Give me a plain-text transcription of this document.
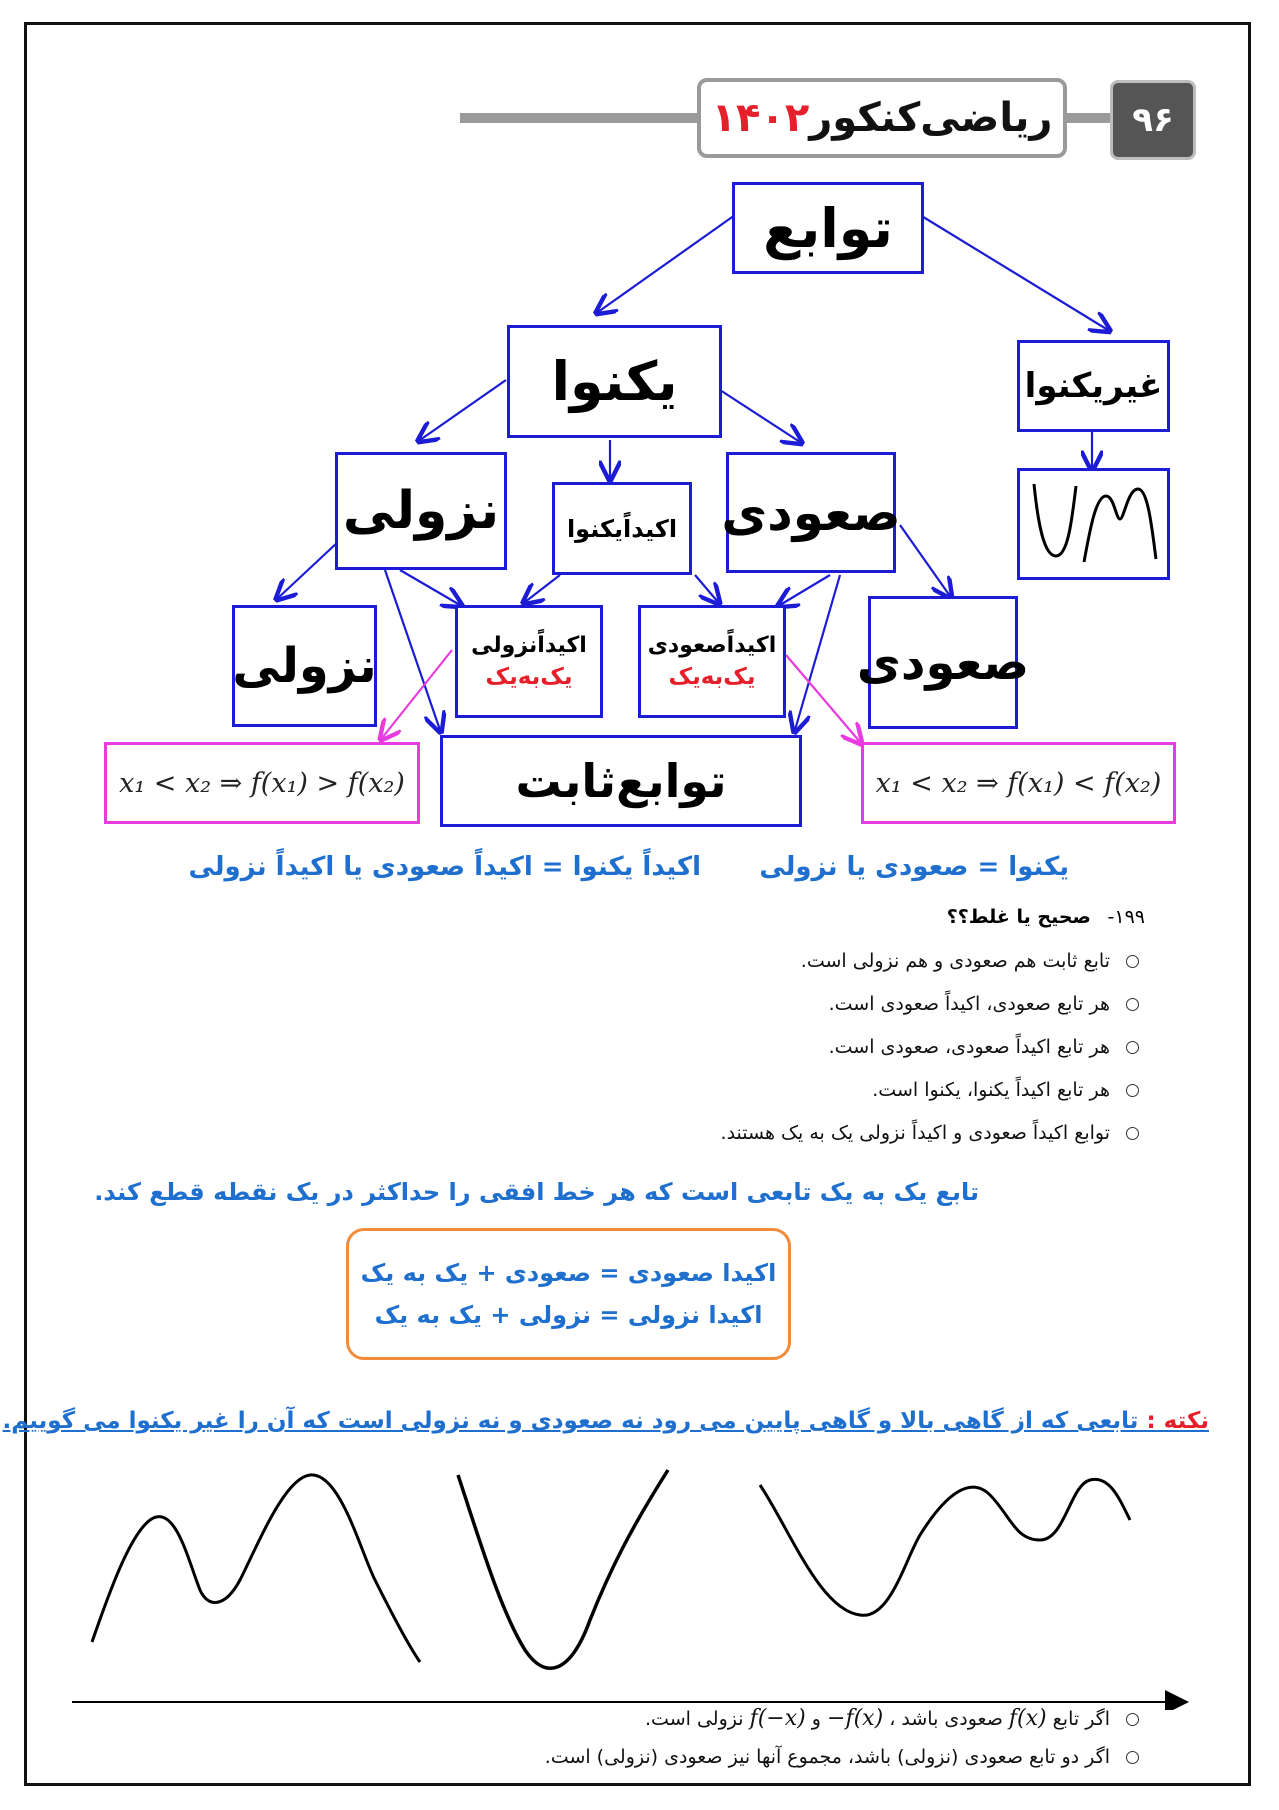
ریاضی‌کنکور
۱۴۰۲	۹۶
توابع
یکنوا	غیریکنوا
نزولی	اکیداًیکنوا صعودی
نزولی	اکیداًنزولی
یک‌به‌یک
اکیداًصعودی
یک‌به‌یک صعودی
توابع‌ثابت
x₁ < x₂ ⇒ f(x₁) > f(x₂)	x₁ < x₂ ⇒ f(x₁) < f(x₂)
یکنوا = صعودی یا نزولی
اکیداً یکنوا = اکیداً صعودی یا اکیداً نزولی
۱۹۹- صحیح یا غلط؟؟
تابع ثابت هم صعودی و هم نزولی است.
هر تابع صعودی، اکیداً صعودی است.
هر تابع اکیداً صعودی، صعودی است.
هر تابع اکیداً یکنوا، یکنوا است.
توابع اکیداً صعودی و اکیداً نزولی یک به یک هستند.
تابع یک به یک تابعی است که هر خط افقی را حداکثر در یک نقطه قطع کند.
اکیدا صعودی = صعودی + یک به یک
اکیدا نزولی = نزولی + یک به یک
نکته : تابعی که از گاهی بالا و گاهی پایین می رود نه صعودی و نه نزولی است که آن را غیر یکنوا می گوییم.
اگر تابع

f(x)

صعودی باشد ،

−f(x)

و

f(−x)

نزولی است.
اگر دو تابع صعودی (نزولی) باشد، مجموع آنها نیز صعودی (نزولی) است.
